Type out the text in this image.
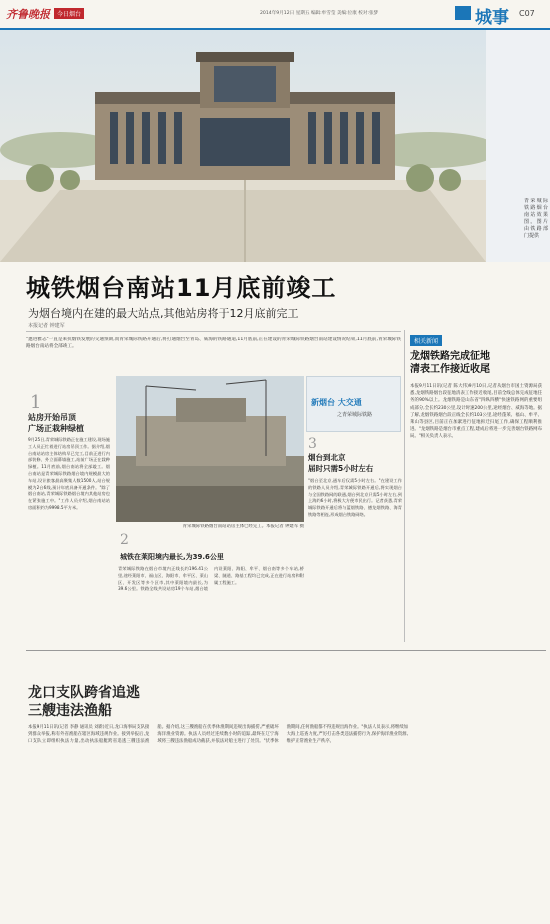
齐鲁晚报	今日烟台	2014年9月12日 星期五 编辑:牟雪莹 美编:位康 校对:张梦	城事 C07
青荣城际铁路烟台南站效果图。图片由铁路部门提供
城铁烟台南站11月底前竣工
为烟台境内在建的最大站点,其他站房将于12月底前完工
本报记者 钟建军
"邀进雅志"一直是莱抗烟铁发展的交通预期,而青荣城际铁路开通后,将打通烟台至青岛、威海的铁路通道,11月底前,正在建设的青荣城际铁路烟台南站建设情况结束,11月底前,青荣城际铁路烟台南站将全部竣工。
相关新闻
龙烟铁路完成征地
清表工作接近收尾
本报9月11日讯(记者 陈大伟)9月10日,记者从烟台市国土资源局获悉,龙烟铁路烟台段征地清表工作接近收尾,目前全线总体完成征地任务的90%以上。龙烟铁路是山东省"四纵四横"快速铁路网的重要组成部分,全长约230公里,设计时速200公里,途经烟台、威海等地。据了解,龙烟铁路烟台段正线全长约103公里,途经蓬莱、福山、牟平、莱山等县区,目前正在加紧进行征地拆迁扫尾工作,确保工程顺利推进。"龙烟铁路是烟台市重点工程,建成后将进一步完善烟台铁路网布局。"相关负责人表示。
1
站房开始吊顶
广场正栽种绿植
9月25日,青荣城际铁路正在施工建设,现场施工人员正忙着进行站房吊顶工作。据介绍,烟台南站站房主体结构早已完工,目前正进行内部装修、外立面幕墙施工,站前广场正在栽种绿植。11月底前,烟台南站将全部竣工。烟台南站是青荣城际铁路烟台境内规模最大的车站,设计旅客最高聚集人数1500人,站台规模为2台6线,预计年底具备开通条件。"除了烟台南站,青荣城际铁路烟台境内其他站房也在紧张施工中。"工作人员介绍,烟台南站站房面积约为9998.5平方米。
青荣城际铁路烟台南站站房主体已经完工。本报记者 钟建军 摄
新烟台 大交通
之青荣城际铁路
3
烟台到北京
届时只需5小时左右
"烟台至北京,通车后仅需5小时左右。"在建设工作的铁路人员介绍,青荣城际铁路开通后,将实现烟台与全国铁路网的联通,烟台到北京只需5小时左右,到上海约6小时,将极大方便市民出行。记者获悉,青荣城际铁路开通后将与蓝烟铁路、德龙烟铁路、海青铁路等相连,形成烟台铁路网络。
2
城铁在莱阳境内最长,为39.6公里
青荣城际铁路在烟台市境内正线长约196.41公里,途经莱阳市、福山区、海阳市、牟平区、莱山区、开发区等多个区市,其中莱阳境内最长,为39.6公里。铁路全线共设站房19个车站,烟台境内设莱阳、海阳、牟平、烟台南等多个车站,桥梁、隧道、路基工程均已完成,正在进行站房和附属工程施工。
龙口支队跨省追逃
三艘违法渔船
本报9月11日讯(记者 李静 通讯员 刘新)近日,龙口海事局支队接到群众举报,称有外省渔船在辖区海域违规作业。接到举报后,龙口支队立即组织执法力量,出动执法船艇跨省追逃三艘违法渔船。据介绍,这三艘渔船在伏季休渔期间违规出海捕捞,严重破坏海洋渔业资源。执法人员经过连续数小时的追踪,最终在辽宁海域将三艘违法渔船成功截获,并依法对船主进行了处罚。"伏季休渔期间,任何渔船都不得违规出海作业。"执法人员表示,将继续加大海上巡查力度,严厉打击各类违法捕捞行为,保护海洋渔业资源,维护正常渔业生产秩序。
